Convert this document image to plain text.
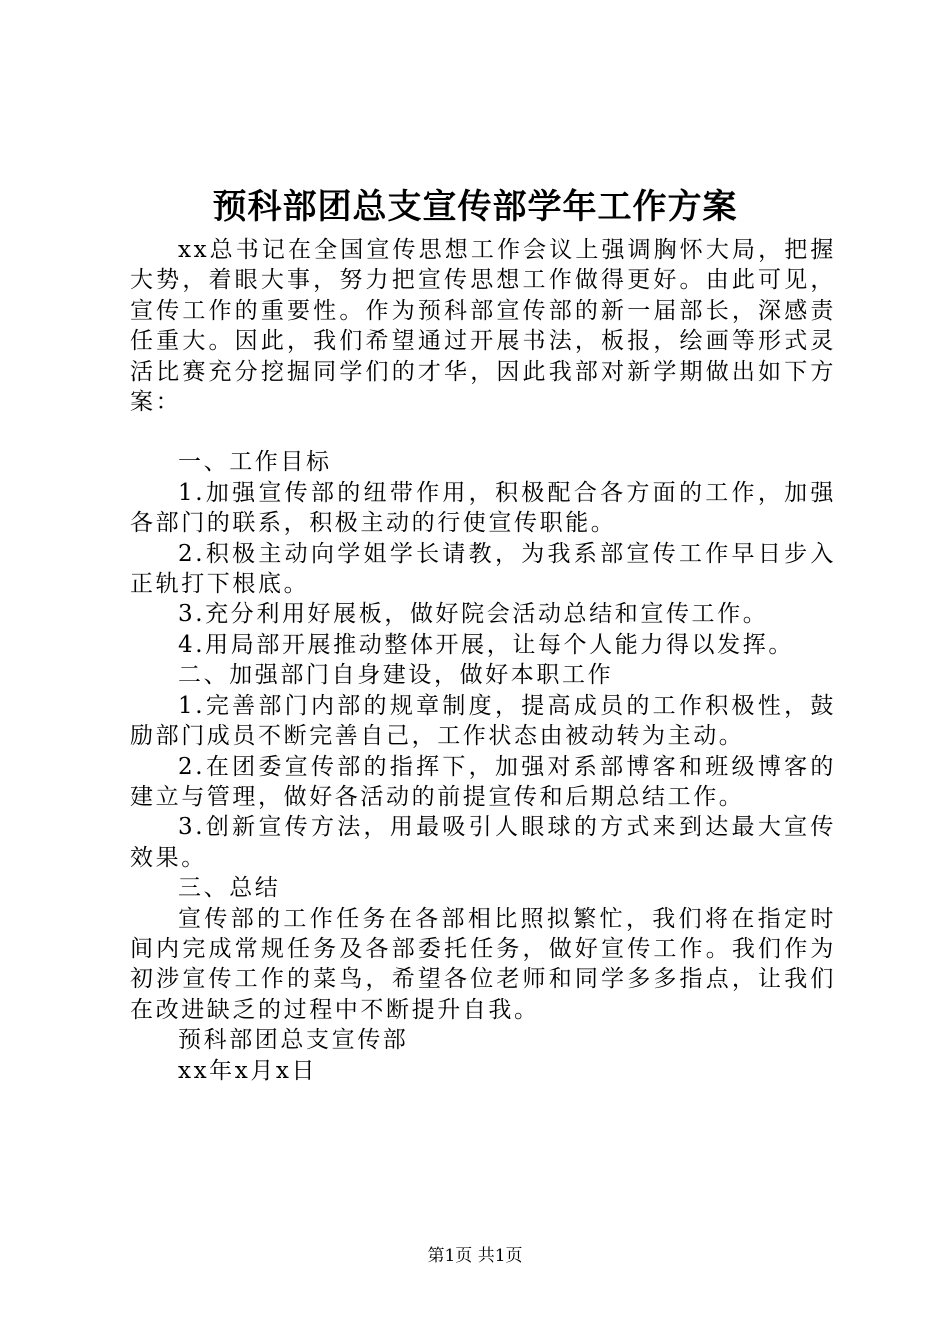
预科部团总支宣传部学年工作方案

xx总书记在全国宣传思想工作会议上强调胸怀大局，把握大势，着眼大事，努力把宣传思想工作做得更好。由此可见，宣传工作的重要性。作为预科部宣传部的新一届部长，深感责任重大。因此，我们希望通过开展书法，板报，绘画等形式灵活比赛充分挖掘同学们的才华，因此我部对新学期做出如下方案：

一、工作目标

1.加强宣传部的纽带作用，积极配合各方面的工作，加强各部门的联系，积极主动的行使宣传职能。

2.积极主动向学姐学长请教，为我系部宣传工作早日步入正轨打下根底。

3.充分利用好展板，做好院会活动总结和宣传工作。

4.用局部开展推动整体开展，让每个人能力得以发挥。

二、加强部门自身建设，做好本职工作

1.完善部门内部的规章制度，提高成员的工作积极性，鼓励部门成员不断完善自己，工作状态由被动转为主动。

2.在团委宣传部的指挥下，加强对系部博客和班级博客的建立与管理，做好各活动的前提宣传和后期总结工作。

3.创新宣传方法，用最吸引人眼球的方式来到达最大宣传效果。

三、总结

宣传部的工作任务在各部相比照拟繁忙，我们将在指定时间内完成常规任务及各部委托任务，做好宣传工作。我们作为初涉宣传工作的菜鸟，希望各位老师和同学多多指点，让我们在改进缺乏的过程中不断提升自我。

预科部团总支宣传部

xx年x月x日

第1页 共1页
